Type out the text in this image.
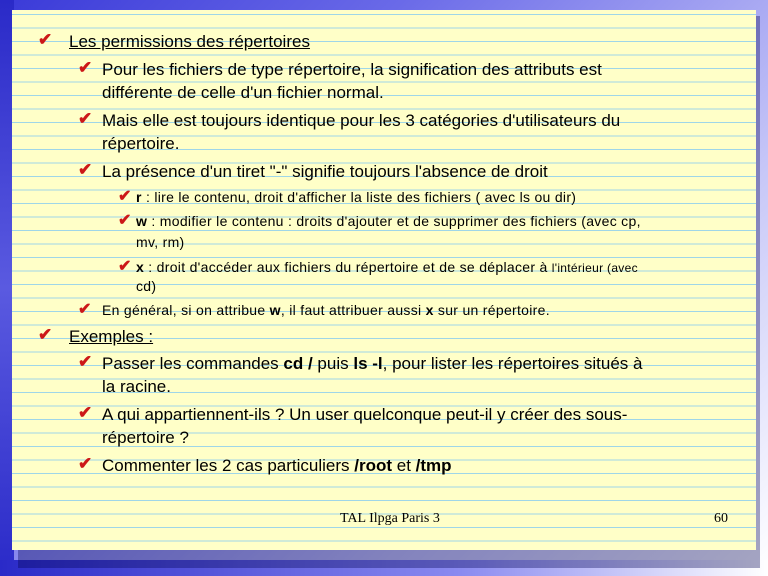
✔ Les permissions des répertoires
✔ Pour les fichiers de type répertoire, la signification des attributs est
différente de celle d'un fichier normal.
✔ Mais elle est toujours identique pour les 3 catégories d'utilisateurs du
répertoire.
✔ La présence d'un tiret "-" signifie toujours l'absence de droit
✔ r : lire le contenu, droit d'afficher la liste des fichiers ( avec ls ou dir)
✔ w : modifier le contenu : droits d'ajouter et de supprimer des fichiers (avec cp,
mv, rm)
✔ x : droit d'accéder aux fichiers du répertoire et de se déplacer à l'intérieur (avec
cd)
✔ En général, si on attribue w, il faut attribuer aussi x sur un répertoire.
✔ Exemples :
✔ Passer les commandes cd / puis ls -l, pour lister les répertoires situés à
la racine.
✔ A qui appartiennent-ils ? Un user quelconque peut-il y créer des sous-
répertoire ?
✔ Commenter les 2 cas particuliers /root et /tmp
TAL Ilpga Paris 3	60
